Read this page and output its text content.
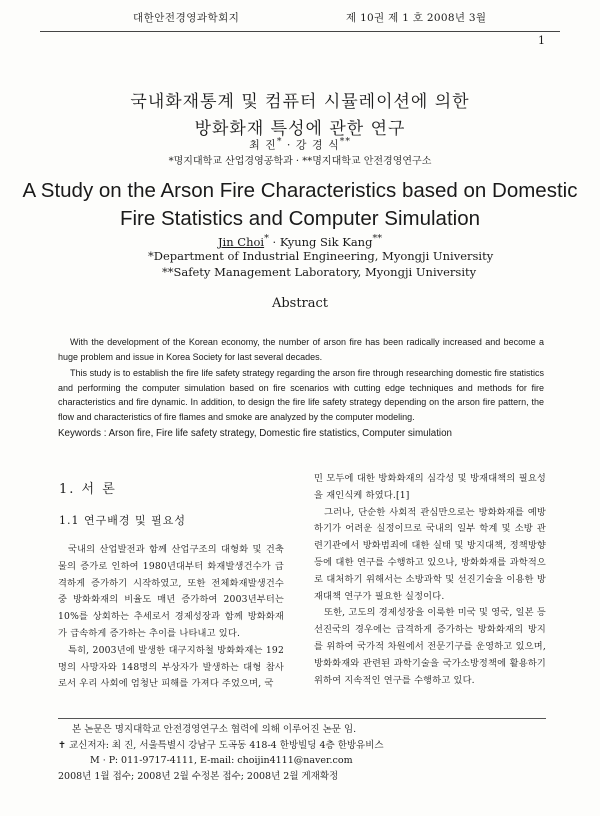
대한안전경영과학회지	제 10권 제 1 호 2008년 3월
1
국내화재통계 및 컴퓨터 시뮬레이션에 의한
방화화재 특성에 관한 연구
최 진* · 강 경 식**
*명지대학교 산업경영공학과 · **명지대학교 안전경영연구소
A Study on the Arson Fire Characteristics based on Domestic
Fire Statistics and Computer Simulation
Jin Choi* · Kyung Sik Kang**
*Department of Industrial Engineering, Myongji University
**Safety Management Laboratory, Myongji University
Abstract
With the development of the Korean economy, the number of arson fire has been radically increased and become a huge problem and issue in Korea Society for last several decades.
This study is to establish the fire life safety strategy regarding the arson fire through researching domestic fire statistics and performing the computer simulation based on fire scenarios with cutting edge techniques and methods for fire characteristics and fire dynamic. In addition, to design the fire life safety strategy depending on the arson fire pattern, the flow and characteristics of fire flames and smoke are analyzed by the computer modeling.
Keywords : Arson fire, Fire life safety strategy, Domestic fire statistics, Computer simulation
1. 서 론
1.1 연구배경 및 필요성

국내의 산업발전과 함께 산업구조의 대형화 및 건축물의 증가로 인하여 1980년대부터 화재발생건수가 급격하게 증가하기 시작하였고, 또한 전체화재발생건수 중 방화화재의 비율도 매년 증가하여 2003년부터는 10%를 상회하는 추세로서 경제성장과 함께 방화화재가 급속하게 증가하는 추이를 나타내고 있다.

특히, 2003년에 발생한 대구지하철 방화화재는 192명의 사망자와 148명의 부상자가 발생하는 대형 참사로서 우리 사회에 엄청난 피해를 가져다 주었으며, 국

민 모두에 대한 방화화재의 심각성 및 방재대책의 필요성을 재인식케 하였다.[1]

그러나, 단순한 사회적 관심만으로는 방화화재를 예방하기가 어려운 실정이므로 국내의 일부 학계 및 소방 관련기관에서 방화범죄에 대한 실태 및 방지대책, 정책방향 등에 대한 연구를 수행하고 있으나, 방화화재를 과학적으로 대처하기 위해서는 소방과학 및 선진기술을 이용한 방재대책 연구가 필요한 실정이다.

또한, 고도의 경제성장을 이룩한 미국 및 영국, 일본 등 선진국의 경우에는 급격하게 증가하는 방화화재의 방지를 위하여 국가적 차원에서 전문기구를 운영하고 있으며, 방화화재와 관련된 과학기술을 국가소방정책에 활용하기 위하여 지속적인 연구를 수행하고 있다.

본 논문은 명지대학교 안전경영연구소 협력에 의해 이루어진 논문 임.
✝ 교신저자: 최 진, 서울특별시 강남구 도곡동 418-4 한방빌딩 4층 한방유비스
M · P: 011-9717-4111, E-mail: choijin4111@naver.com
2008년 1월 접수; 2008년 2월 수정본 접수; 2008년 2월 게재확정
